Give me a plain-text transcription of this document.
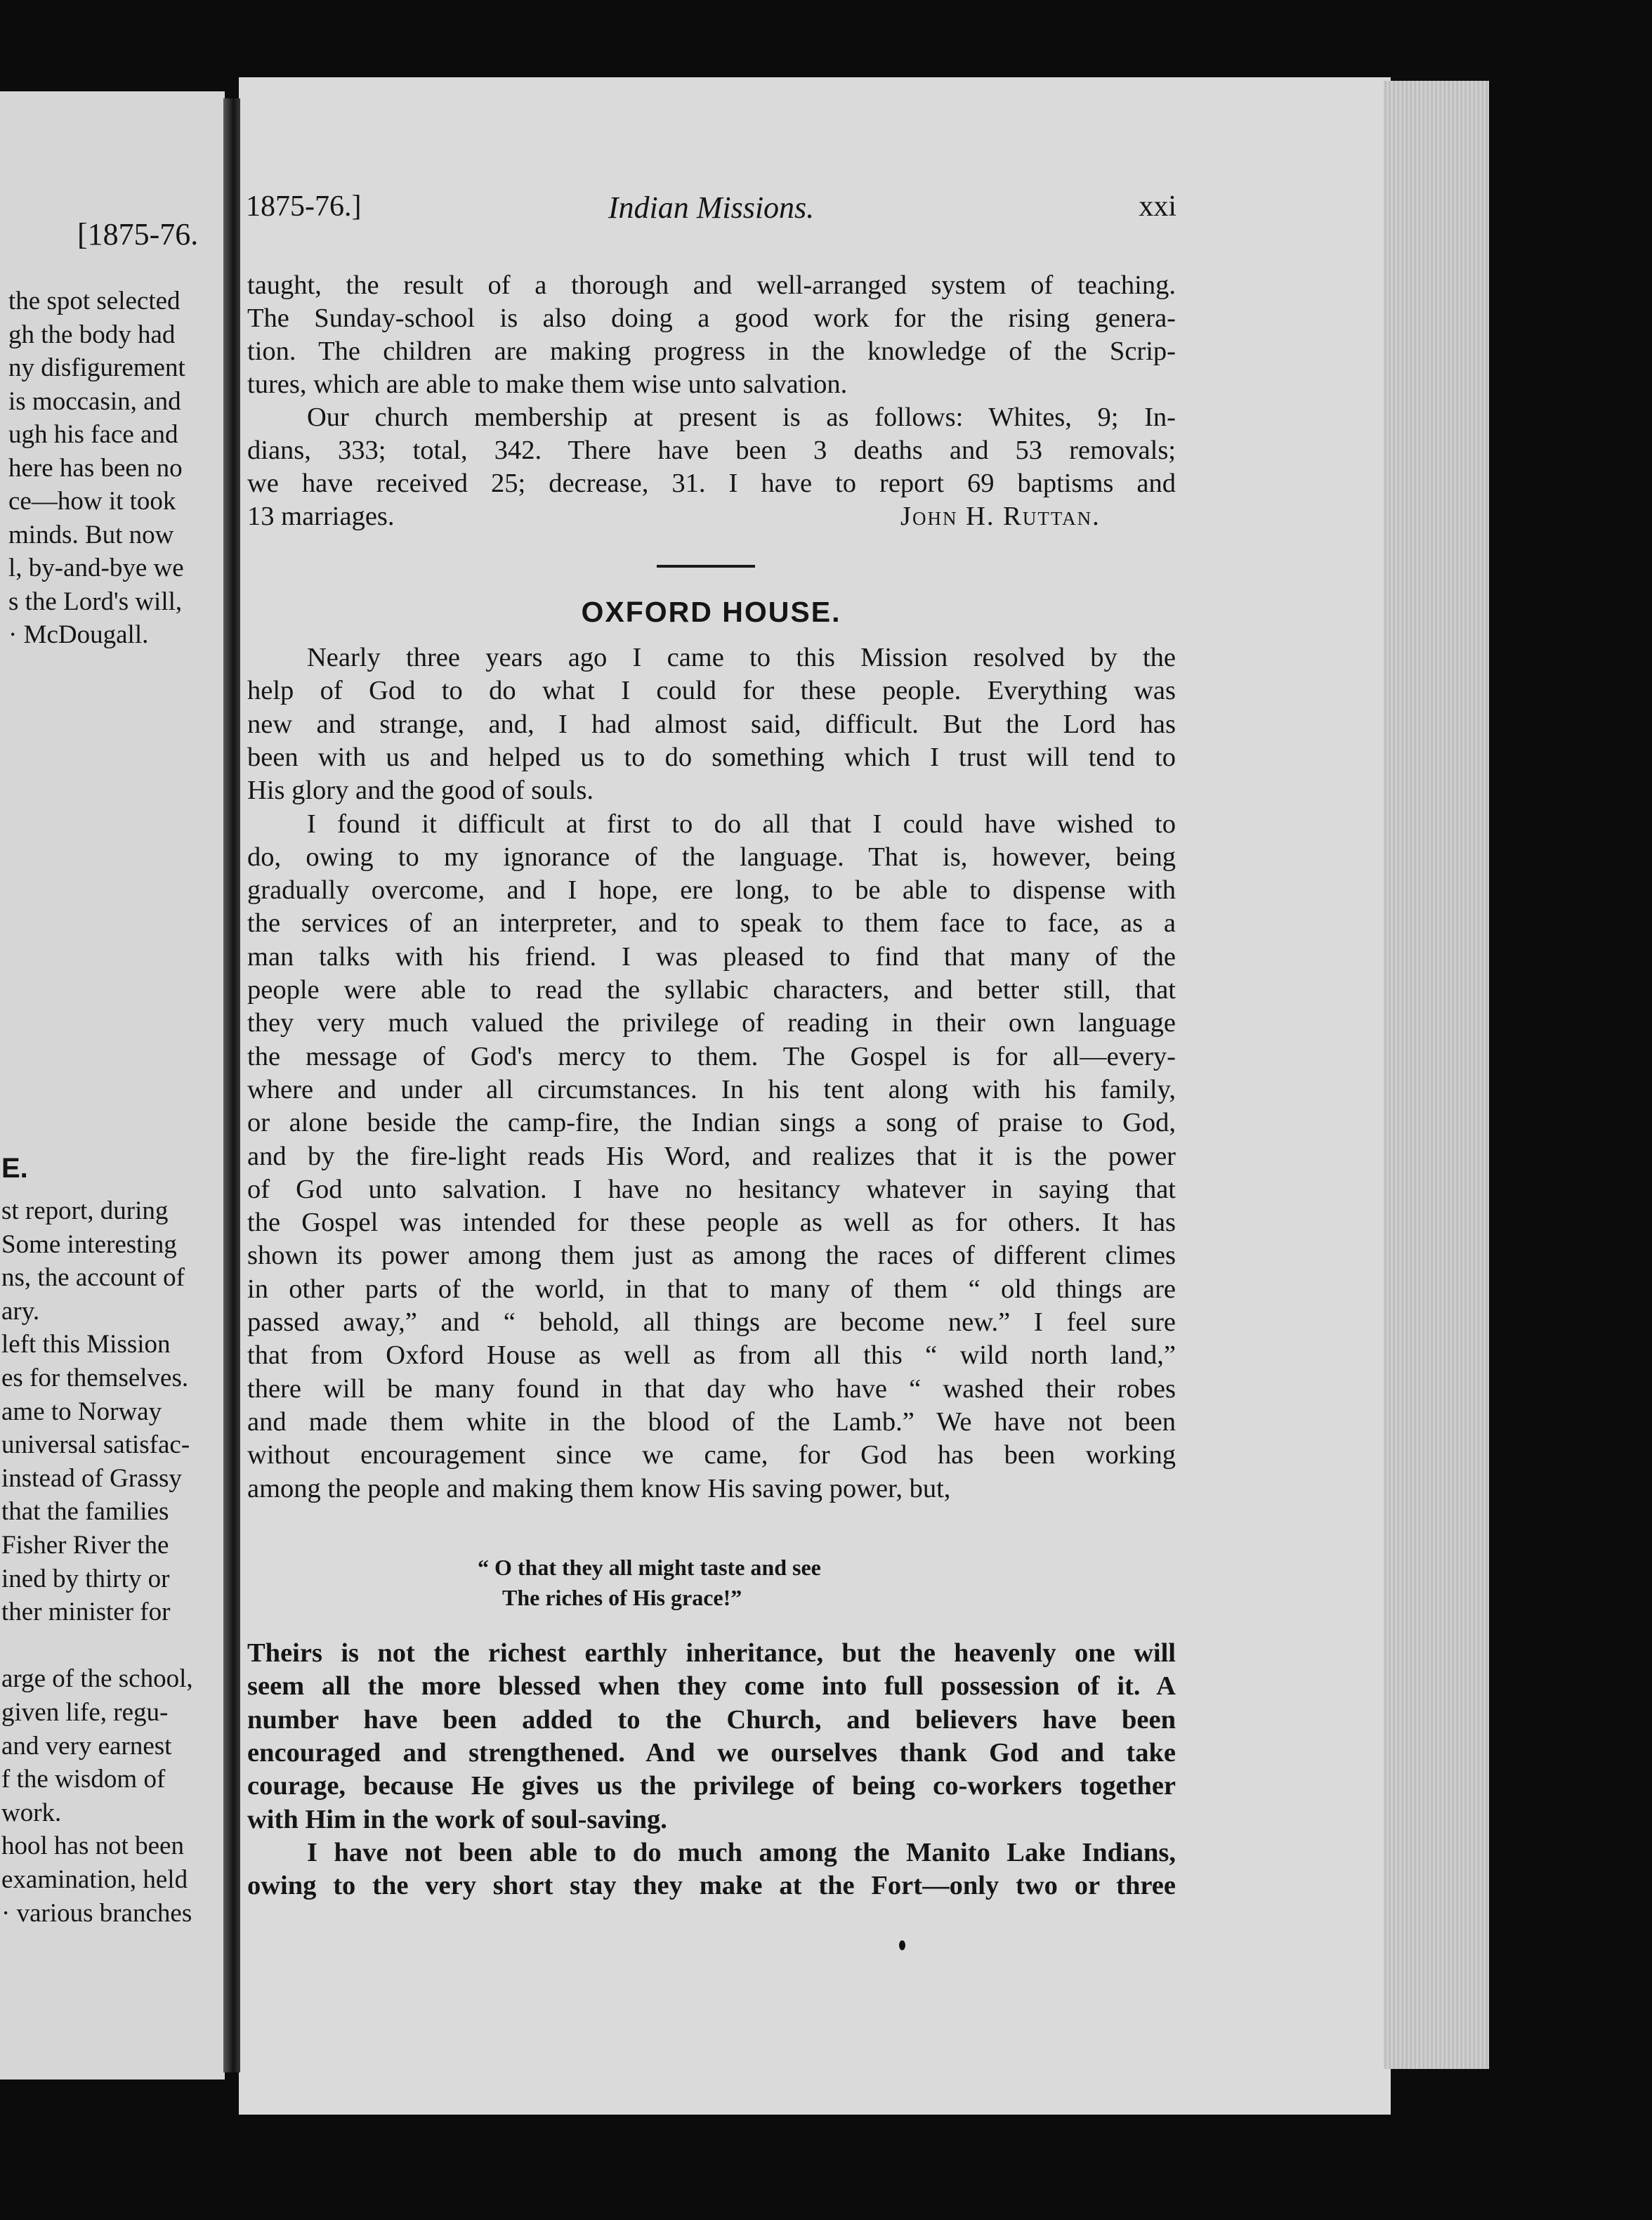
[1875-76.
the spot selected
gh the body had
ny disfigurement
is moccasin, and
ugh his face and
here has been no
ce—how it took
minds. But now
l, by-and-bye we
s the Lord's will,
· McDougall.
E.
st report, during
Some interesting
ns, the account of
ary.
left this Mission
es for themselves.
ame to Norway
universal satisfac-
instead of Grassy
that the families
Fisher River the
ined by thirty or
ther minister for
arge of the school,
given life, regu-
and very earnest
f the wisdom of
work.
hool has not been
examination, held
· various branches
1875-76.]	Indian Missions.	xxi
taught, the result of a thorough and well-arranged system of teaching.
The Sunday-school is also doing a good work for the rising genera-
tion. The children are making progress in the knowledge of the Scrip-
tures, which are able to make them wise unto salvation.
Our church membership at present is as follows: Whites, 9; In-
dians, 333; total, 342. There have been 3 deaths and 53 removals;
we have received 25; decrease, 31. I have to report 69 baptisms and
13 marriages.	John H. Ruttan.
OXFORD HOUSE.
Nearly three years ago I came to this Mission resolved by the
help of God to do what I could for these people. Everything was
new and strange, and, I had almost said, difficult. But the Lord has
been with us and helped us to do something which I trust will tend to
His glory and the good of souls.
I found it difficult at first to do all that I could have wished to
do, owing to my ignorance of the language. That is, however, being
gradually overcome, and I hope, ere long, to be able to dispense with
the services of an interpreter, and to speak to them face to face, as a
man talks with his friend. I was pleased to find that many of the
people were able to read the syllabic characters, and better still, that
they very much valued the privilege of reading in their own language
the message of God's mercy to them. The Gospel is for all—every-
where and under all circumstances. In his tent along with his family,
or alone beside the camp-fire, the Indian sings a song of praise to God,
and by the fire-light reads His Word, and realizes that it is the power
of God unto salvation. I have no hesitancy whatever in saying that
the Gospel was intended for these people as well as for others. It has
shown its power among them just as among the races of different climes
in other parts of the world, in that to many of them “ old things are
passed away,” and “ behold, all things are become new.” I feel sure
that from Oxford House as well as from all this “ wild north land,”
there will be many found in that day who have “ washed their robes
and made them white in the blood of the Lamb.” We have not been
without encouragement since we came, for God has been working
among the people and making them know His saving power, but,
“ O that they all might taste and see
The riches of His grace!”
Theirs is not the richest earthly inheritance, but the heavenly one will
seem all the more blessed when they come into full possession of it. A
number have been added to the Church, and believers have been
encouraged and strengthened. And we ourselves thank God and take
courage, because He gives us the privilege of being co-workers together
with Him in the work of soul-saving.
I have not been able to do much among the Manito Lake Indians,
owing to the very short stay they make at the Fort—only two or three
